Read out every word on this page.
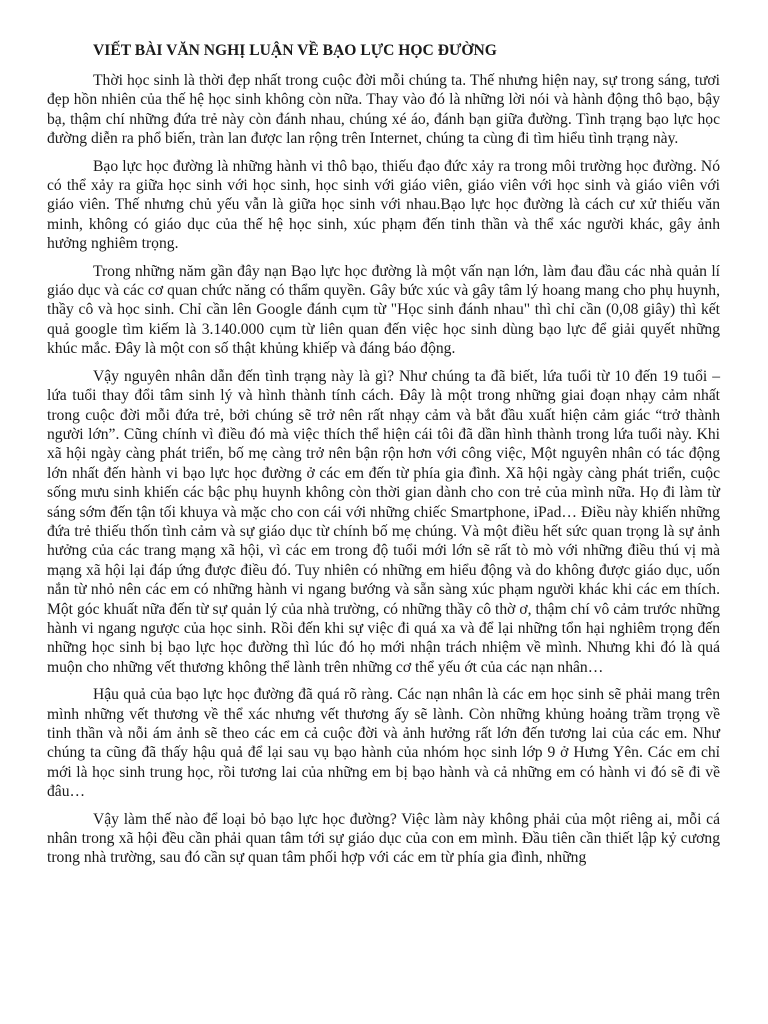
VIẾT BÀI VĂN NGHỊ LUẬN VỀ BẠO LỰC HỌC ĐƯỜNG

Thời học sinh là thời đẹp nhất trong cuộc đời mỗi chúng ta. Thế nhưng hiện nay, sự trong sáng, tươi đẹp hồn nhiên của thế hệ học sinh không còn nữa. Thay vào đó là những lời nói và hành động thô bạo, bậy bạ, thậm chí những đứa trẻ này còn đánh nhau, chúng xé áo, đánh bạn giữa đường. Tình trạng bạo lực học đường diễn ra phổ biến, tràn lan được lan rộng trên Internet, chúng ta cùng đi tìm hiểu tình trạng này.

Bạo lực học đường là những hành vi thô bạo, thiếu đạo đức xảy ra trong môi trường học đường. Nó có thể xảy ra giữa học sinh với học sinh, học sinh với giáo viên, giáo viên với học sinh và giáo viên với giáo viên. Thế nhưng chủ yếu vẫn là giữa học sinh với nhau.Bạo lực học đường là cách cư xử thiếu văn minh, không có giáo dục của thế hệ học sinh, xúc phạm đến tinh thần và thể xác người khác, gây ảnh hưởng nghiêm trọng.

Trong những năm gần đây nạn Bạo lực học đường là một vấn nạn lớn, làm đau đầu các nhà quản lí giáo dục và các cơ quan chức năng có thẩm quyền. Gây bức xúc và gây tâm lý hoang mang cho phụ huynh, thầy cô và học sinh. Chỉ cần lên Google đánh cụm từ "Học sinh đánh nhau" thì chỉ cần (0,08 giây) thì kết quả google tìm kiếm là 3.140.000 cụm từ liên quan đến việc học sinh dùng bạo lực để giải quyết những khúc mắc. Đây là một con số thật khủng khiếp và đáng báo động.

Vậy nguyên nhân dẫn đến tình trạng này là gì? Như chúng ta đã biết, lứa tuổi từ 10 đến 19 tuổi – lứa tuổi thay đổi tâm sinh lý và hình thành tính cách. Đây là một trong những giai đoạn nhạy cảm nhất trong cuộc đời mỗi đứa trẻ, bởi chúng sẽ trở nên rất nhạy cảm và bắt đầu xuất hiện cảm giác “trở thành người lớn”. Cũng chính vì điều đó mà việc thích thể hiện cái tôi đã dần hình thành trong lứa tuổi này. Khi xã hội ngày càng phát triển, bố mẹ càng trở nên bận rộn hơn với công việc, Một nguyên nhân có tác động lớn nhất đến hành vi bạo lực học đường ở các em đến từ phía gia đình. Xã hội ngày càng phát triển, cuộc sống mưu sinh khiến các bậc phụ huynh không còn thời gian dành cho con trẻ của mình nữa. Họ đi làm từ sáng sớm đến tận tối khuya và mặc cho con cái với những chiếc Smartphone, iPad… Điều này khiến những đứa trẻ thiếu thốn tình cảm và sự giáo dục từ chính bố mẹ chúng. Và một điều hết sức quan trọng là sự ảnh hưởng của các trang mạng xã hội, vì các em trong độ tuổi mới lớn sẽ rất tò mò với những điều thú vị mà mạng xã hội lại đáp ứng được điều đó. Tuy nhiên có những em hiểu động và do không được giáo dục, uốn nắn từ nhỏ nên các em có những hành vi ngang bướng và sẵn sàng xúc phạm người khác khi các em thích. Một góc khuất nữa đến từ sự quản lý của nhà trường, có những thầy cô thờ ơ, thậm chí vô cảm trước những hành vi ngang ngược của học sinh. Rồi đến khi sự việc đi quá xa và để lại những tổn hại nghiêm trọng đến những học sinh bị bạo lực học đường thì lúc đó họ mới nhận trách nhiệm về mình. Nhưng khi đó là quá muộn cho những vết thương không thể lành trên những cơ thể yếu ớt của các nạn nhân…

Hậu quả của bạo lực học đường đã quá rõ ràng. Các nạn nhân là các em học sinh sẽ phải mang trên mình những vết thương về thể xác nhưng vết thương ấy sẽ lành. Còn những khủng hoảng trầm trọng về tinh thần và nỗi ám ảnh sẽ theo các em cả cuộc đời và ảnh hưởng rất lớn đến tương lai của các em. Như chúng ta cũng đã thấy hậu quả để lại sau vụ bạo hành của nhóm học sinh lớp 9 ở Hưng Yên. Các em chỉ mới là học sinh trung học, rồi tương lai của những em bị bạo hành và cả những em có hành vi đó sẽ đi về đâu…

Vậy làm thế nào để loại bỏ bạo lực học đường? Việc làm này không phải của một riêng ai, mỗi cá nhân trong xã hội đều cần phải quan tâm tới sự giáo dục của con em mình. Đầu tiên cần thiết lập kỷ cương trong nhà trường, sau đó cần sự quan tâm phối hợp với các em từ phía gia đình, những
